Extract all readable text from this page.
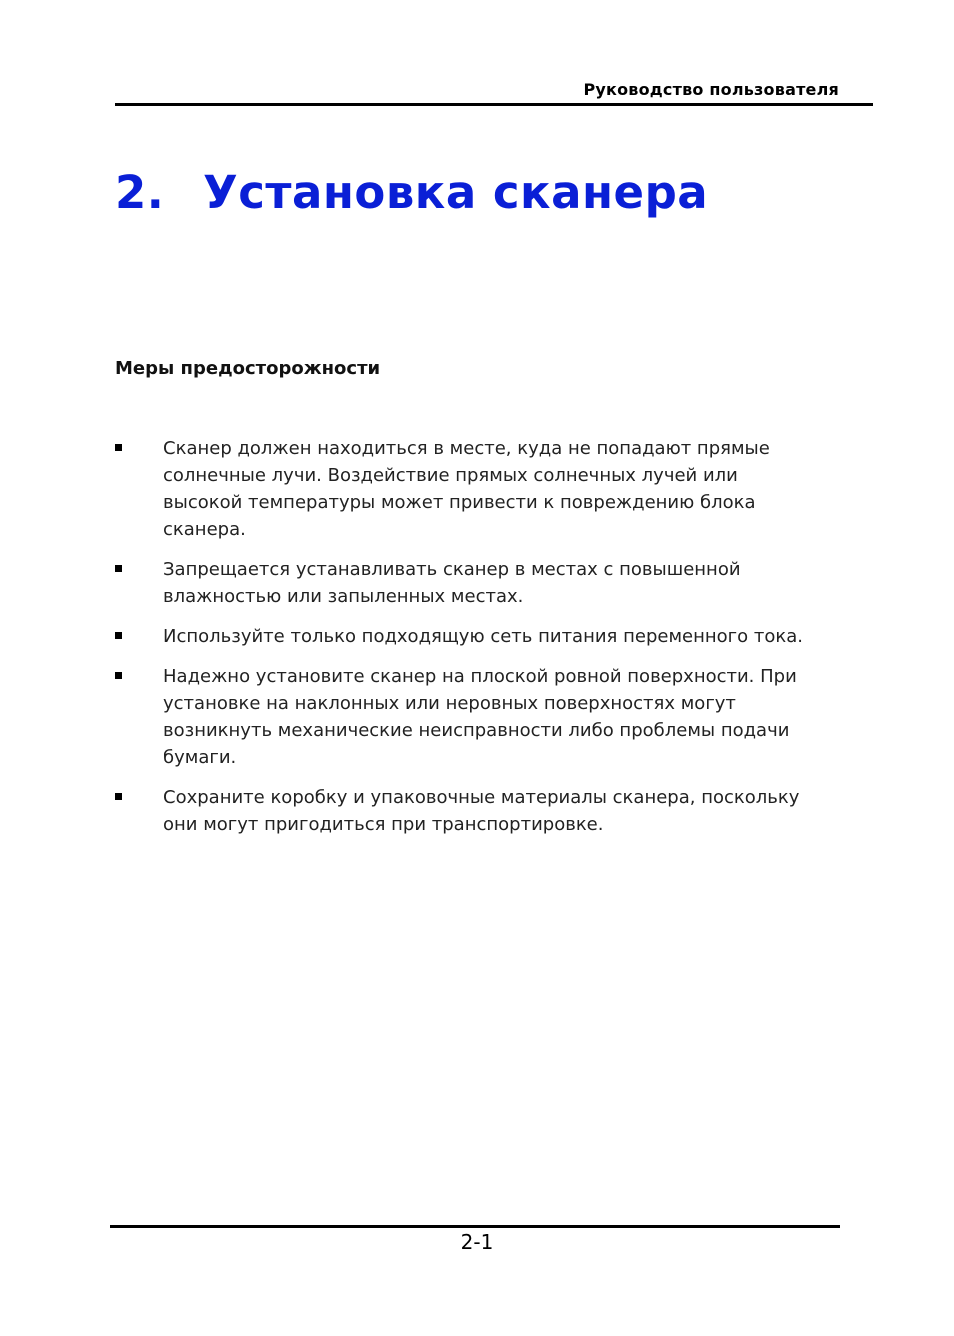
Руководство пользователя
2. Установка сканера
Меры предосторожности
Сканер должен находиться в месте, куда не попадают прямые солнечные лучи. Воздействие прямых солнечных лучей или высокой температуры может привести к повреждению блока сканера.
Запрещается устанавливать сканер в местах с повышенной влажностью или запыленных местах.
Используйте только подходящую сеть питания переменного тока.
Надежно установите сканер на плоской ровной поверхности. При установке на наклонных или неровных поверхностях могут возникнуть механические неисправности либо проблемы подачи бумаги.
Сохраните коробку и упаковочные материалы сканера, поскольку они могут пригодиться при транспортировке.
2-1
